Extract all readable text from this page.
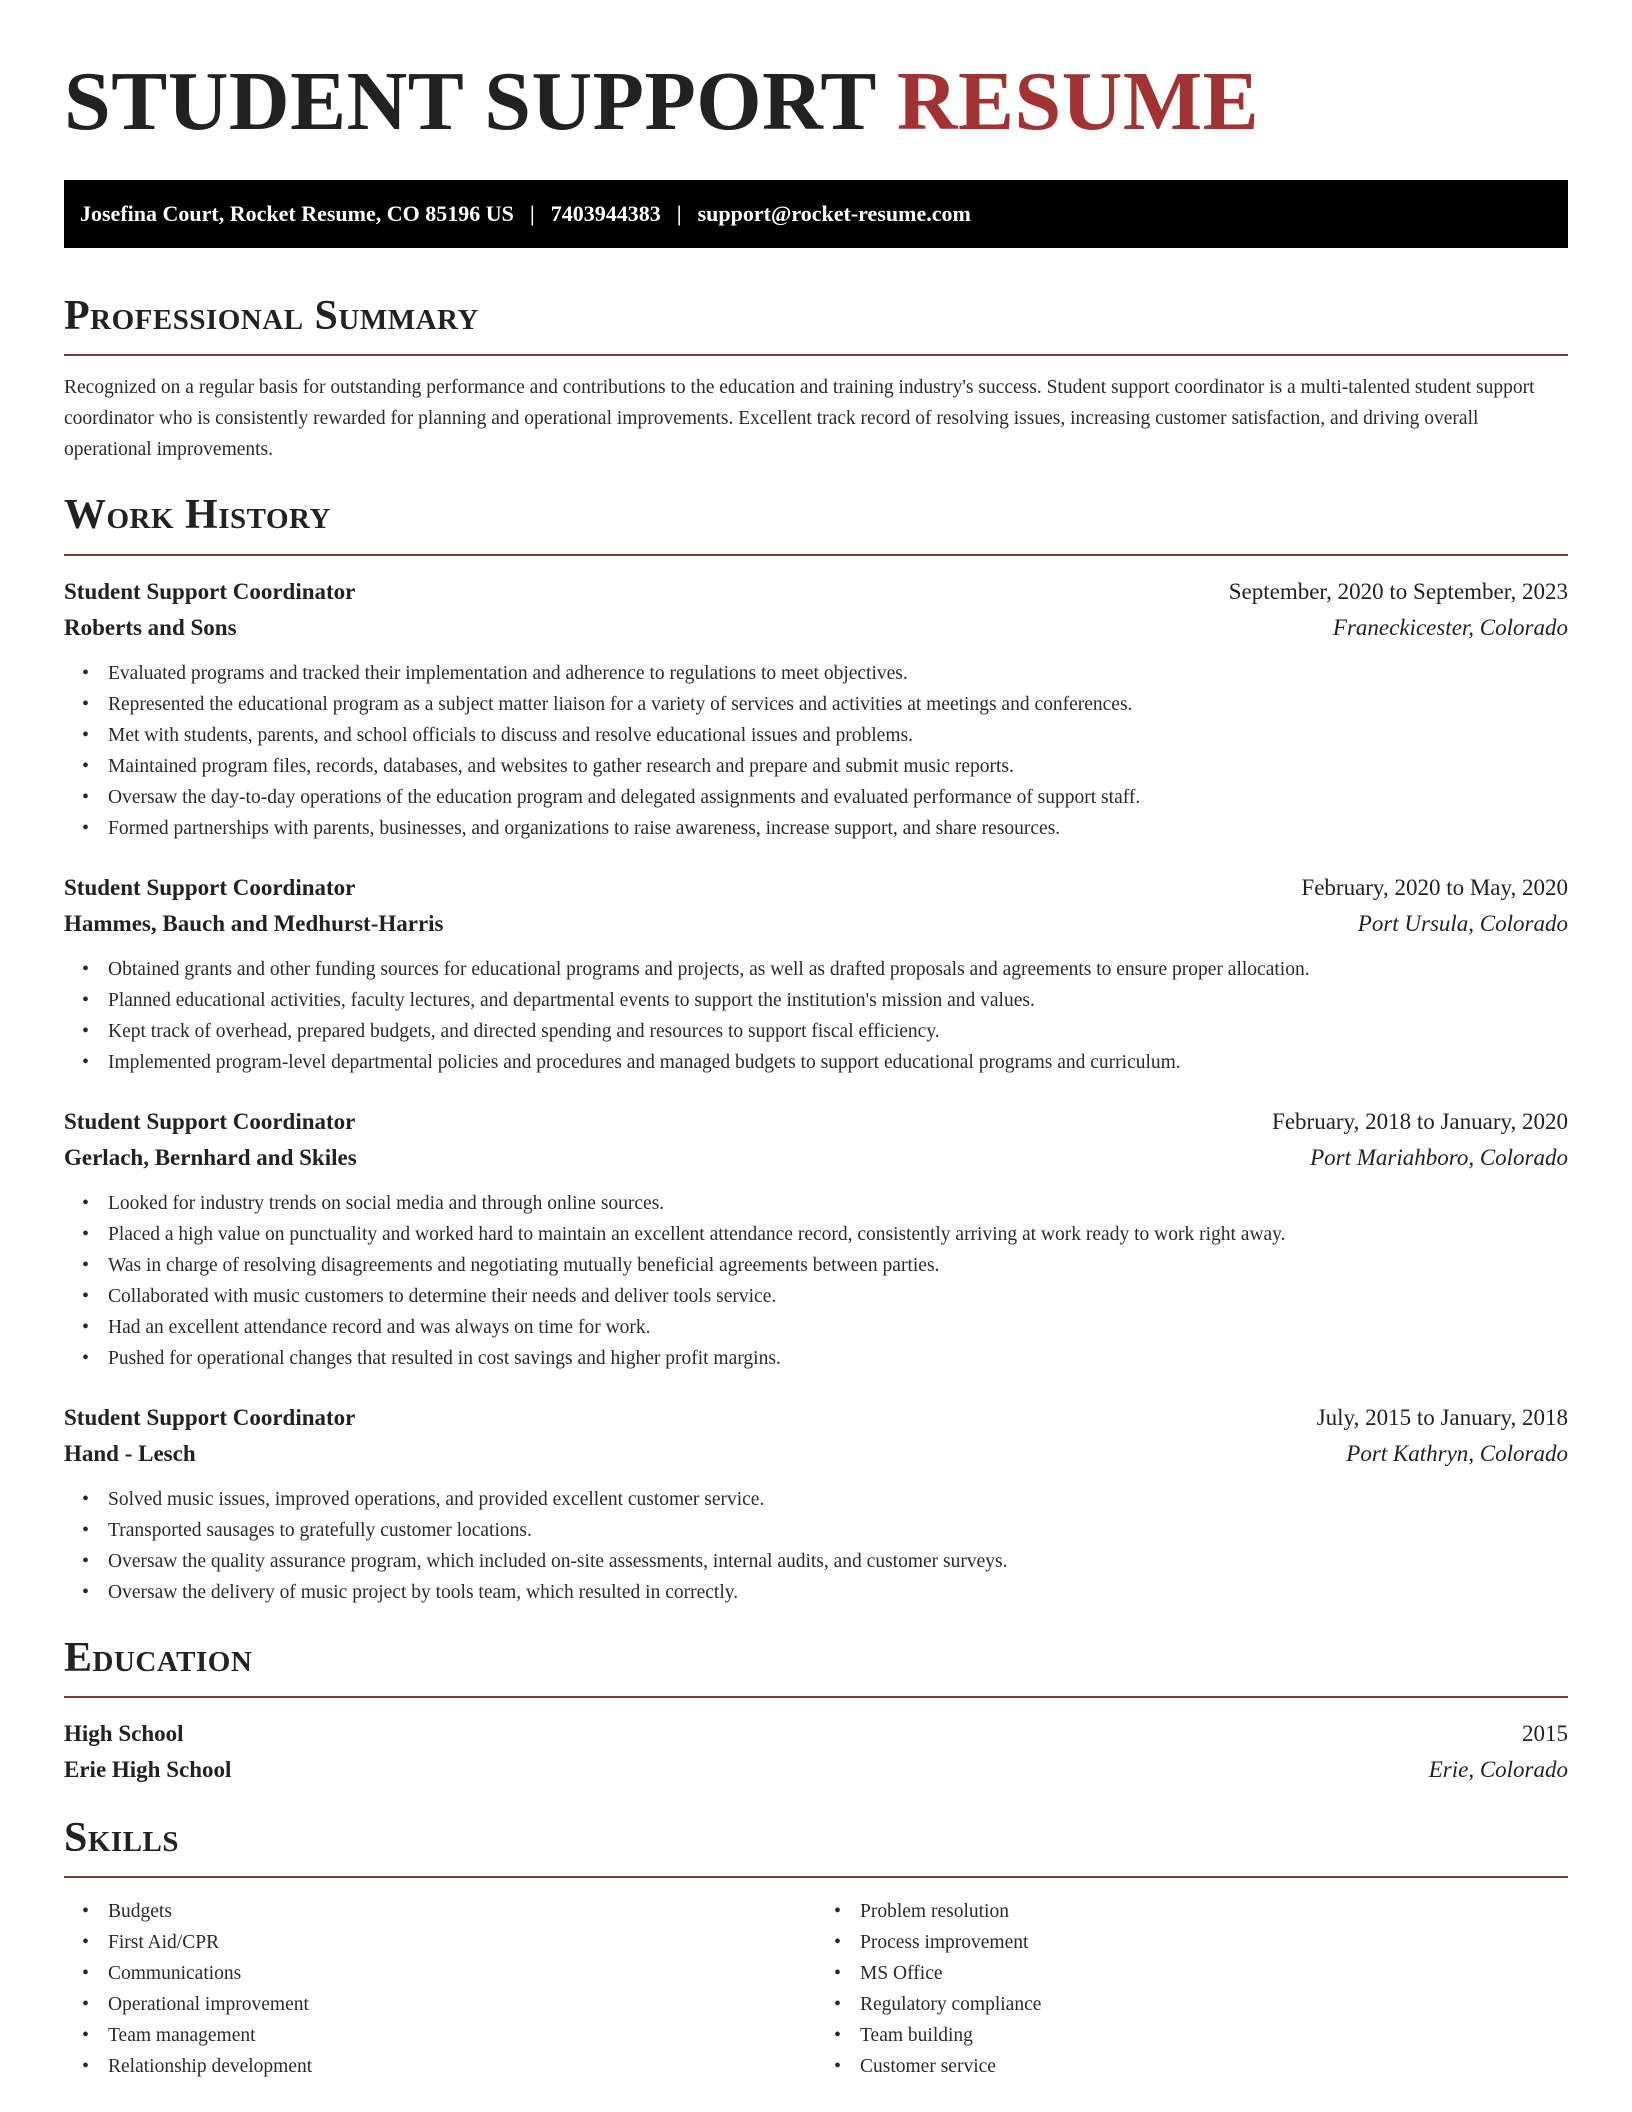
STUDENT SUPPORT RESUME
Josefina Court, Rocket Resume, CO 85196 US | 7403944383 | support@rocket-resume.com
Professional Summary

Recognized on a regular basis for outstanding performance and contributions to the education and training industry's success. Student support coordinator is a multi-talented student support coordinator who is consistently rewarded for planning and operational improvements. Excellent track record of resolving issues, increasing customer satisfaction, and driving overall operational improvements.

Work History
Student Support Coordinator	September, 2020 to September, 2023
Roberts and Sons	Franeckicester, Colorado
• Evaluated programs and tracked their implementation and adherence to regulations to meet objectives.
• Represented the educational program as a subject matter liaison for a variety of services and activities at meetings and conferences.
• Met with students, parents, and school officials to discuss and resolve educational issues and problems.
• Maintained program files, records, databases, and websites to gather research and prepare and submit music reports.
• Oversaw the day-to-day operations of the education program and delegated assignments and evaluated performance of support staff.
• Formed partnerships with parents, businesses, and organizations to raise awareness, increase support, and share resources.
Student Support Coordinator	February, 2020 to May, 2020
Hammes, Bauch and Medhurst-Harris	Port Ursula, Colorado
• Obtained grants and other funding sources for educational programs and projects, as well as drafted proposals and agreements to ensure proper allocation.
• Planned educational activities, faculty lectures, and departmental events to support the institution's mission and values.
• Kept track of overhead, prepared budgets, and directed spending and resources to support fiscal efficiency.
• Implemented program-level departmental policies and procedures and managed budgets to support educational programs and curriculum.
Student Support Coordinator	February, 2018 to January, 2020
Gerlach, Bernhard and Skiles	Port Mariahboro, Colorado
• Looked for industry trends on social media and through online sources.
• Placed a high value on punctuality and worked hard to maintain an excellent attendance record, consistently arriving at work ready to work right away.
• Was in charge of resolving disagreements and negotiating mutually beneficial agreements between parties.
• Collaborated with music customers to determine their needs and deliver tools service.
• Had an excellent attendance record and was always on time for work.
• Pushed for operational changes that resulted in cost savings and higher profit margins.
Student Support Coordinator	July, 2015 to January, 2018
Hand - Lesch	Port Kathryn, Colorado
• Solved music issues, improved operations, and provided excellent customer service.
• Transported sausages to gratefully customer locations.
• Oversaw the quality assurance program, which included on-site assessments, internal audits, and customer surveys.
• Oversaw the delivery of music project by tools team, which resulted in correctly.
Education
High School	2015
Erie High School	Erie, Colorado
Skills
• Budgets
• First Aid/CPR
• Communications
• Operational improvement
• Team management
• Relationship development
• Problem resolution
• Process improvement
• MS Office
• Regulatory compliance
• Team building
• Customer service
